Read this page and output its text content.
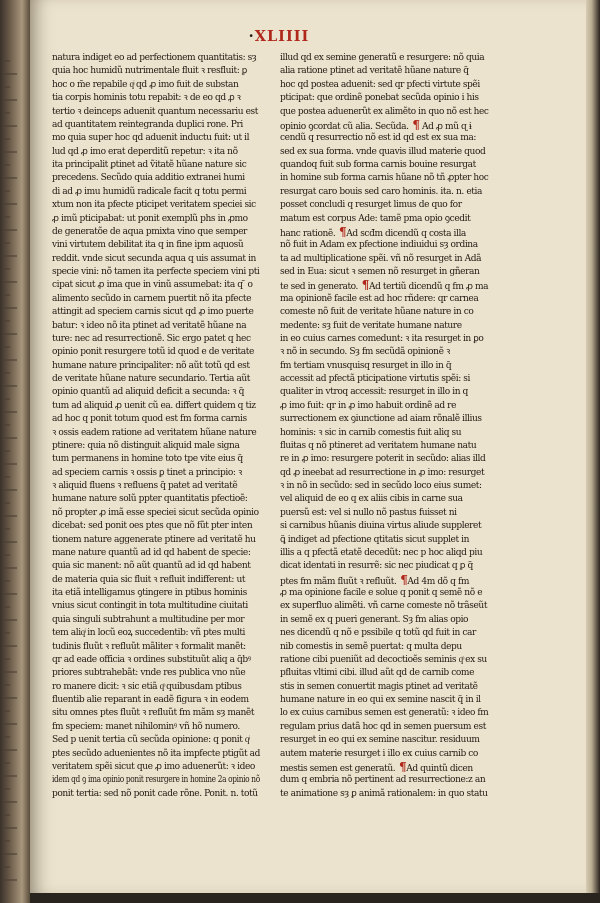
·XLIIII
natura indiget eo ad perfectionem quantitatis: sȝ
quia hoc humidũ nutrimentale fluit ꝛ resfluit: ꝑ
hoc o m̃e repabile qͥ qd ꝓ imo fuit de substan
tia corpis hominis totu repabit: ꝛ de eo qd ꝓ ꝛ
tertio ꝛ deinceps aduenit quantum necessariu est
ad quantitatem reintegranda duplici rone. Pri
mo quia super hoc qd aduenit inductu fuit: ut il
lud qd ꝓ imo erat deperditũ repetur: ꝛ ita nõ
ita principalit ꝑtinet ad ṽitatẽ hũane nature sic
precedens. Secũdo quia additio extranei humi
di ad ꝓ imu humidũ radicale facit q totu permi
xtum non ita pfecte pticipet veritatem speciei sic
ꝓ imũ pticipabat: ut ponit exemplũ phs in ꝓmo
de generatõe de aqua pmixta vino que semper
vini virtutem debilitat ita q in fine ipm aquosũ
reddit. vnde sicut secunda aqua q uis assumat in
specie vini: nõ tamen ita perfecte speciem vini pti
cipat sicut ꝓ ima que in vinũ assumebat: ita q ̃ o
alimento secũdo in carnem puertit nõ ita pfecte
attingit ad speciem carnis sicut qd ꝓ imo puerte
batur: ꝛ ideo nõ ita ptinet ad veritatẽ hũane na
ture: nec ad resurrectionẽ. Sic ergo patet q hec
opinio ponit resurgere totũ id quod e de veritate
humane nature principaliter: nõ aũt totũ qd est
de veritate hũane nature secundario. Tertia aũt
opinio quantũ ad aliquid deficit a secunda: ꝛ q̃
tum ad aliquid ꝓ uenit cũ ea. differt quidem q tiz
ad hoc q ponit totum quod est fm forma carnis
ꝛ ossis eadem ratione ad veritatem hũane nature
ptinere: quia nõ distinguit aliquid male signa
tum permanens in homine toto tpe vite eius q̃
ad speciem carnis ꝛ ossis ꝑ tinet a principio: ꝛ
ꝛ aliquid fluens ꝛ refluens q̃ patet ad veritatẽ
humane nature solũ ppter quantitatis pfectioẽ:
nõ propter ꝓ imã esse speciei sicut secũda opinio
dicebat: sed ponit oes ptes que nõ fũt pter inten
tionem nature aggenerate ptinere ad veritatẽ hu
mane nature quantũ ad id qd habent de specie:
quia sic manent: nõ aũt quantũ ad id qd habent
de materia quia sic fluit ꝛ refluit indifferent: ut
ita etiã intelligamus ꝯtingere in ptibus hominis
vnius sicut contingit in tota multitudine ciuitati
quia singuli subtrahunt a multitudine per mor
tem aliqͥ in locũ eoꝝ succedentib: vñ ptes multi
tudinis fluũt ꝛ refluũt mãliter ꝛ formalit manẽt:
qr ad eade officia ꝛ ordines substituũt aliq a q̃bꝰ
priores subtrahebãt: vnde res publica vno nũe
ro manere dicit: ꝛ sic etiã qͦ quibusdam ptibus
fluentib alie reparant in eadẽ figura ꝛ in eodem
situ omnes ptes fluũt ꝛ refluũt fm mãm sȝ manẽt
fm speciem: manet nihilominꝰ vñ hõ numero.
Sed p uenit tertia cũ secũda opinione: q ponit qͥ
ptes secũdo aduenientes nõ ita impfecte ptigũt ad
veritatem spẽi sicut que ꝓ imo aduenerũt: ꝛ ideo
idem qd ꝯ ima opinio ponit resurgere in homine 2a opinio nõ
ponit tertia: sed nõ ponit cade rõne. Ponit. n. totũ
illud qd ex semine generatũ e resurgere: nõ quia
alia ratione ptinet ad veritatẽ hũane nature q̃
hoc qd postea aduenit: sed qr pfecti virtute spẽi
pticipat: que ordinẽ ponebat secũda opinio i his
que postea aduenerũt ex alimẽto in quo nõ est hec
opinio ꝯcordat cũ alia. Secũda. ¶ Ad ꝓ mũ ɋ ɨ
cendũ q resurrectio nõ est id qd est ex sua ma:
sed ex sua forma. vnde quavis illud materie quod
quandoq fuit sub forma carnis bouine resurgat
in homine sub forma carnis hũane nõ tñ ꝓpter hoc
resurgat caro bouis sed caro hominis. ita. n. etia
posset concludi q resurget limus de quo for
matum est corpus Ade: tamẽ pma opio ꝯcedit
hanc rationẽ. ¶Ad scđm dicendũ q costa illa
nõ fuit in Adam ex pfectione indiuidui sȝ ordina
ta ad multiplicatione spẽi. vñ nõ resurget in Adã
sed in Eua: sicut ꝛ semen nõ resurget in gñeran
te sed in generato. ¶Ad tertiũ dicendũ q fm ꝓ ma
ma opinionẽ facile est ad hoc rñdere: qr carnea
comeste nõ fuit de veritate hũane nature in co
medente: sȝ fuit de veritate humane nature
in eo cuius carnes comedunt: ꝛ ita resurget in ꝑo
ꝛ nõ in secundo. Sȝ fm secũdã opinionẽ ꝛ
fm tertiam vnusquisq resurget in illo in q̃
accessit ad pfectã pticipatione virtutis spẽi: si
qualiter in vtroq accessit: resurget in illo in q
ꝓ imo fuit: qr in ꝓ imo habuit ordinẽ ad re
surrectionem ex ꝯiunctione ad aiam rõnalẽ illius
hominis: ꝛ sic in carnib comestis fuit aliq su
fluitas q nõ ptineret ad veritatem humane natu
re in ꝓ imo: resurgere poterit in secũdo: alias illd
qd ꝓ ineebat ad resurrectione in ꝓ imo: resurget
ꝛ in nõ in secũdo: sed in secũdo loco eius sumet:
vel aliquid de eo q ex aliis cibis in carne sua
puersũ est: vel si nullo nõ pastus fuisset ni
si carnibus hũanis diuina virtus aliude suppleret
ꝗ̃ indiget ad pfectione qtitatis sicut supplet in
illis a q pfectã etatẽ decedũt: nec p hoc aliqd piu
dicat identati in resurrẽ: sic nec piudicat q ꝑ q̃
ptes fm mãm fluũt ꝛ refluũt. ¶Ad 4m dõ q fm
ꝓ ma opinione facile e solue q ponit q semẽ nõ e
ex superfluo alimẽti. vñ carne comeste nõ trãseũt
in semẽ ex q pueri generant. Sȝ fm alias opio
nes dicendũ q nõ e pssibile q totũ qd fuit in car
nib comestis in semẽ puertat: q multa depu
ratione cibi pueniũt ad decoctioẽs seminis qͦ ex su
pfluitas vltimi cibi. illud aũt qd de carnib come
stis in semen conuertit magis ptinet ad veritatẽ
humane nature in eo qui ex semine nascit q̃ in il
lo ex cuius carnibus semen est generatũ: ꝛ ideo fm
regulam prius datã hoc qd in semen puersum est
resurget in eo qui ex semine nascitur. residuum
autem materie resurget i illo ex cuius carnib co
mestis semen est generatũ. ¶Ad quintũ dicen
dum q embria nõ pertinent ad resurrectione:z an
te animatione sȝ ꝑ animã rationalem: in quo statu
